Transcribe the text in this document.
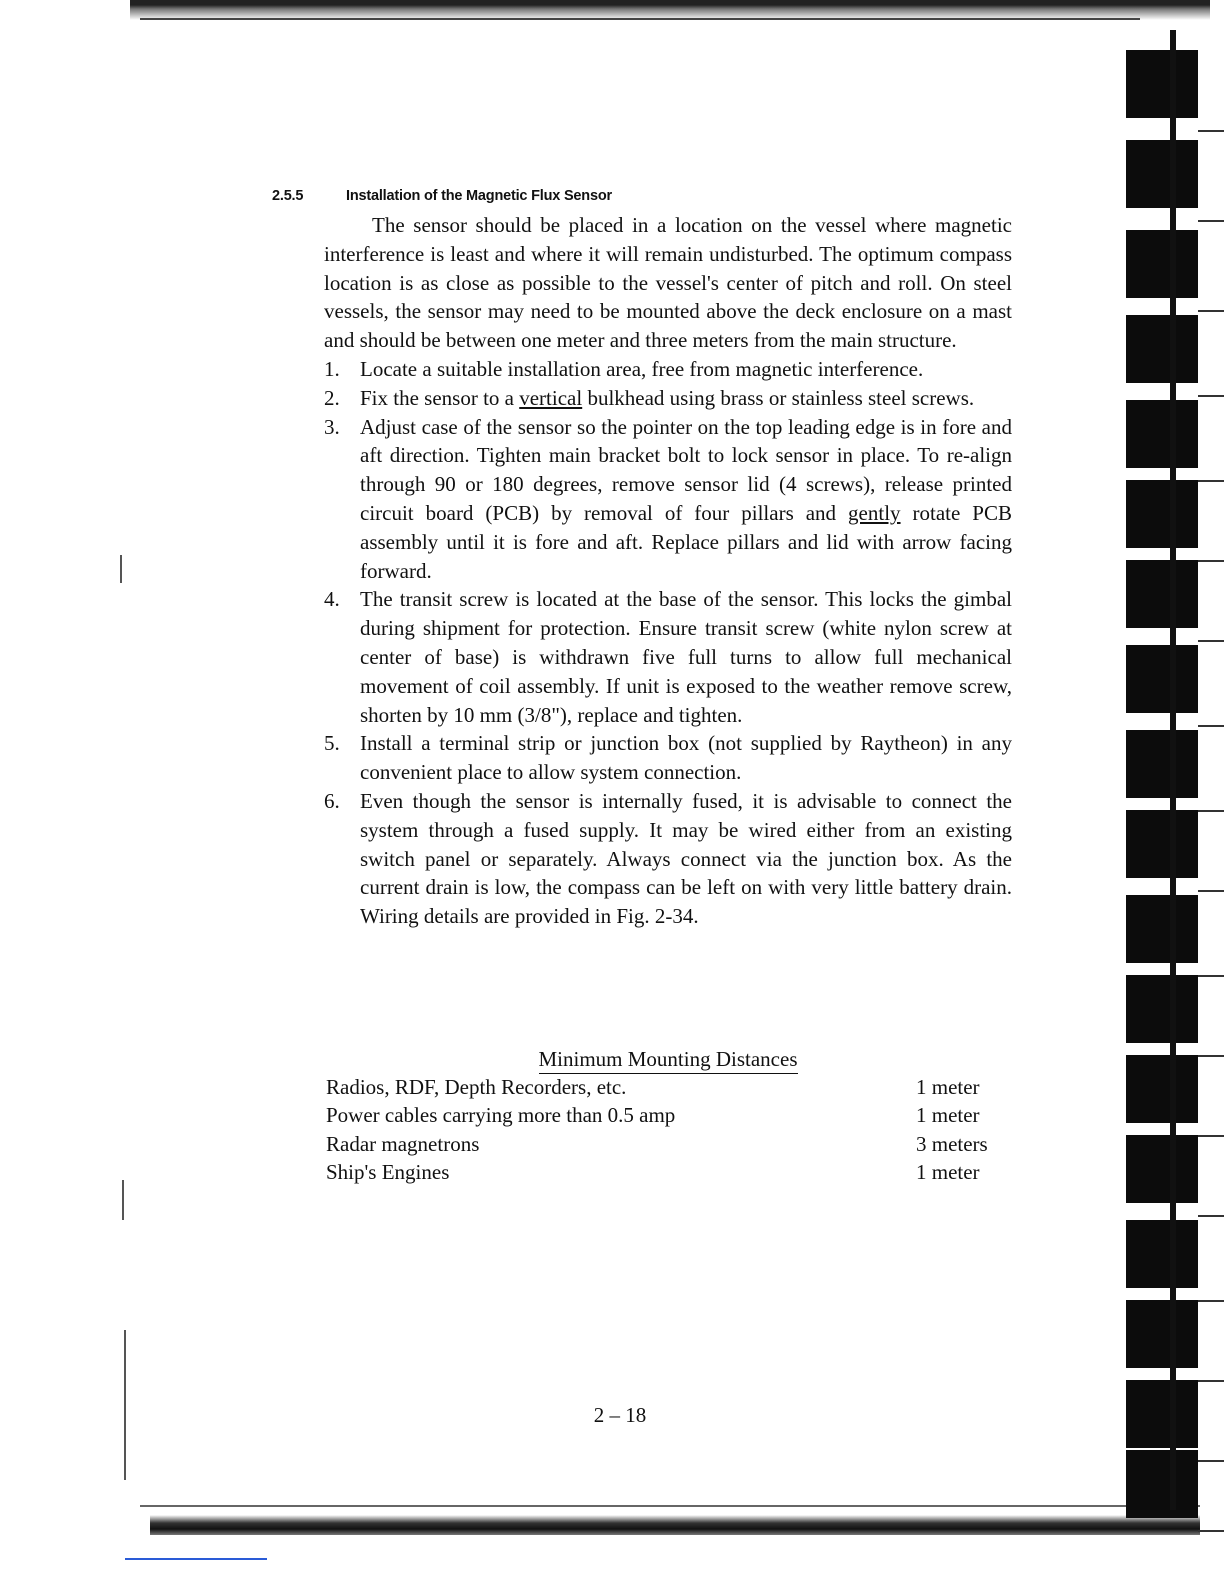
2.5.5	Installation of the Magnetic Flux Sensor

The sensor should be placed in a location on the vessel where magnetic interference is least and where it will remain undisturbed. The optimum compass location is as close as possible to the vessel's center of pitch and roll. On steel vessels, the sensor may need to be mounted above the deck enclosure on a mast and should be between one meter and three meters from the main structure.

1. Locate a suitable installation area, free from magnetic interference.
2. Fix the sensor to a vertical bulkhead using brass or stainless steel screws.
3. Adjust case of the sensor so the pointer on the top leading edge is in fore and aft direction. Tighten main bracket bolt to lock sensor in place. To re-align through 90 or 180 degrees, remove sensor lid (4 screws), release printed circuit board (PCB) by removal of four pillars and gently rotate PCB assembly until it is fore and aft. Replace pillars and lid with arrow facing forward.
4. The transit screw is located at the base of the sensor. This locks the gimbal during shipment for protection. Ensure transit screw (white nylon screw at center of base) is withdrawn five full turns to allow full mechanical movement of coil assembly. If unit is exposed to the weather remove screw, shorten by 10 mm (3/8"), replace and tighten.
5. Install a terminal strip or junction box (not supplied by Raytheon) in any convenient place to allow system connection.
6. Even though the sensor is internally fused, it is advisable to connect the system through a fused supply. It may be wired either from an existing switch panel or separately. Always connect via the junction box. As the current drain is low, the compass can be left on with very little battery drain. Wiring details are provided in Fig. 2-34.
Minimum Mounting Distances
Radios, RDF, Depth Recorders, etc.	1 meter
Power cables carrying more than 0.5 amp	1 meter
Radar magnetrons	3 meters
Ship's Engines	1 meter
2 – 18
